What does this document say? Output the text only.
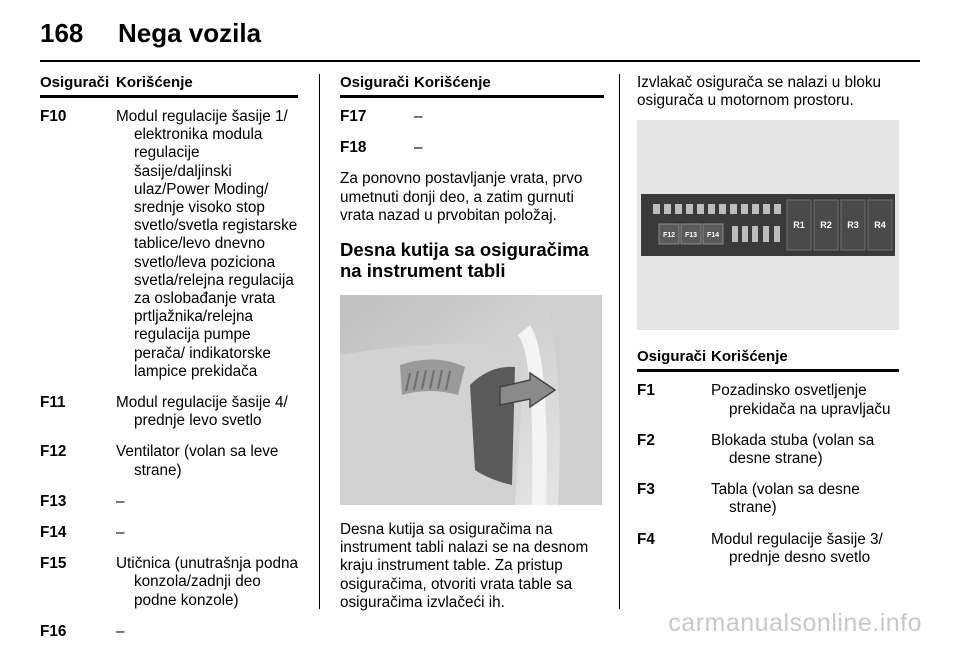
168 Nega vozila
Osigurači Korišćenje
F10	Modul regulacije šasije 1/ elektronika modula regulacije šasije/daljinski ulaz/Power Moding/ srednje visoko stop svetlo/svetla registarske tablice/levo dnevno svetlo/leva poziciona svetla/relejna regulacija za oslobađanje vrata prtljažnika/relejna regulacija pumpe perača/ indikatorske lampice prekidača
F11	Modul regulacije šasije 4/ prednje levo svetlo
F12	Ventilator (volan sa leve strane)
F13	–
F14	–
F15	Utičnica (unutrašnja podna konzola/zadnji deo podne konzole)
F16	–
Osigurači Korišćenje
F17	–
F18	–

Za ponovno postavljanje vrata, prvo umetnuti donji deo, a zatim gurnuti vrata nazad u prvobitan položaj.

Desna kutija sa osiguračima na instrument tabli

Desna kutija sa osiguračima na instrument tabli nalazi se na desnom kraju instrument table. Za pristup osiguračima, otvoriti vrata table sa osiguračima izvlačeći ih.

Izvlakač osigurača se nalazi u bloku osigurača u motornom prostoru.

F12 F13 F14
R1 R2 R3 R4
Osigurači Korišćenje
F1	Pozadinsko osvetljenje prekidača na upravljaču
F2	Blokada stuba (volan sa desne strane)
F3	Tabla (volan sa desne strane)
F4	Modul regulacije šasije 3/ prednje desno svetlo
carmanualsonline.info
